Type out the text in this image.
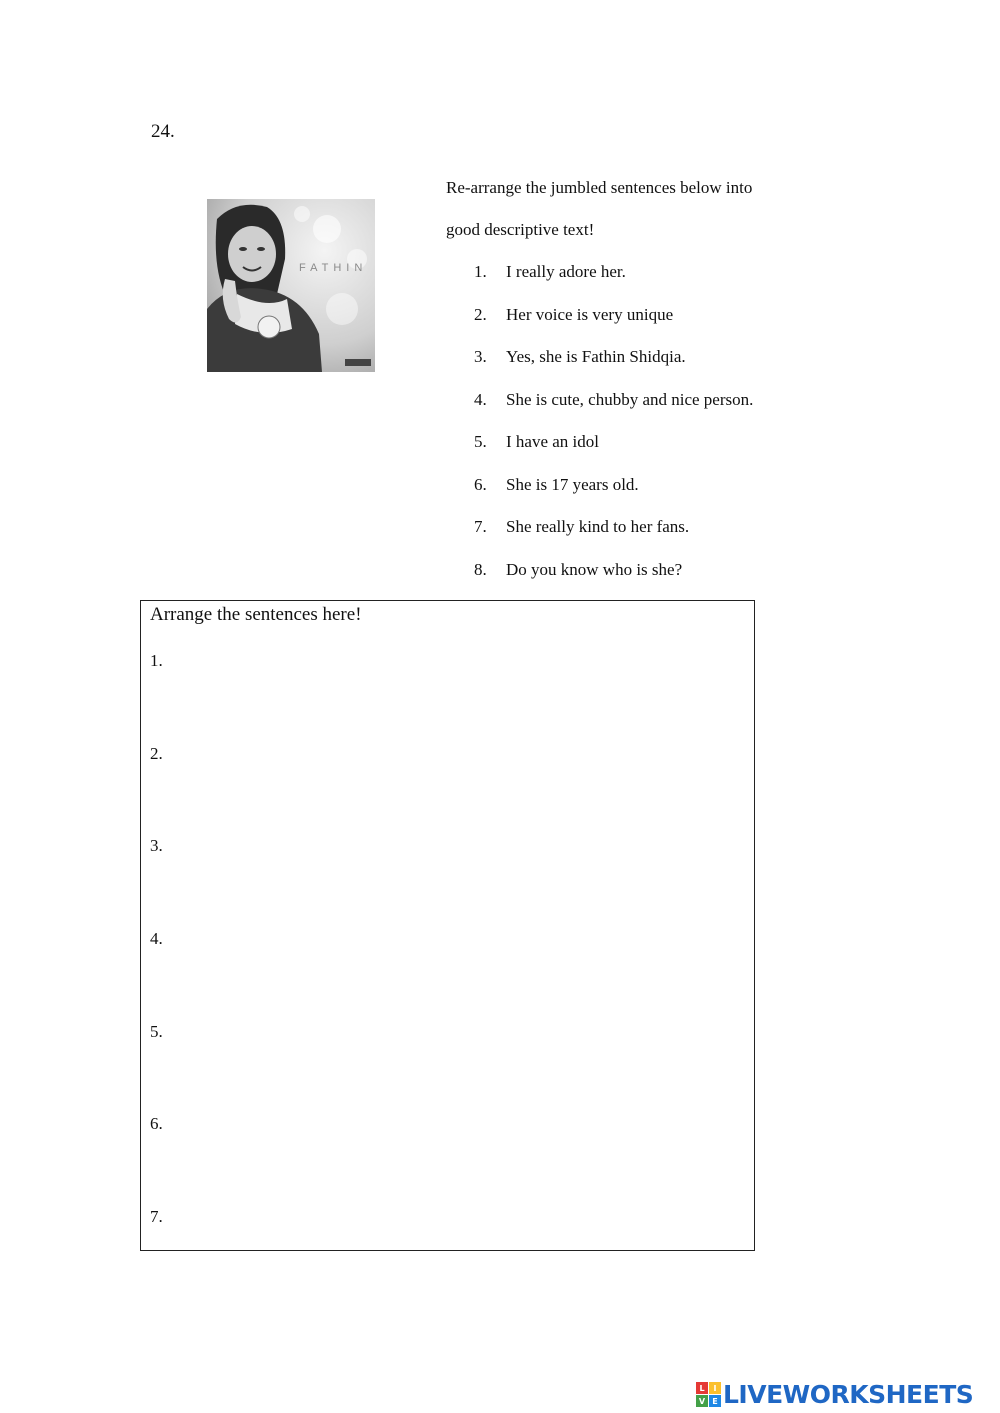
24.
FATHIN
Re-arrange the jumbled sentences below into
good descriptive text!
1. I really adore her.
2. Her voice is very unique
3. Yes, she is Fathin Shidqia.
4. She is cute, chubby and nice person.
5. I have an idol
6. She is 17 years old.
7. She really kind to her fans.
8. Do you know who is she?
Arrange the sentences here!
1.
2.
3.
4.
5.
6.
7.
L	I
V E LIVEWORKSHEETS
